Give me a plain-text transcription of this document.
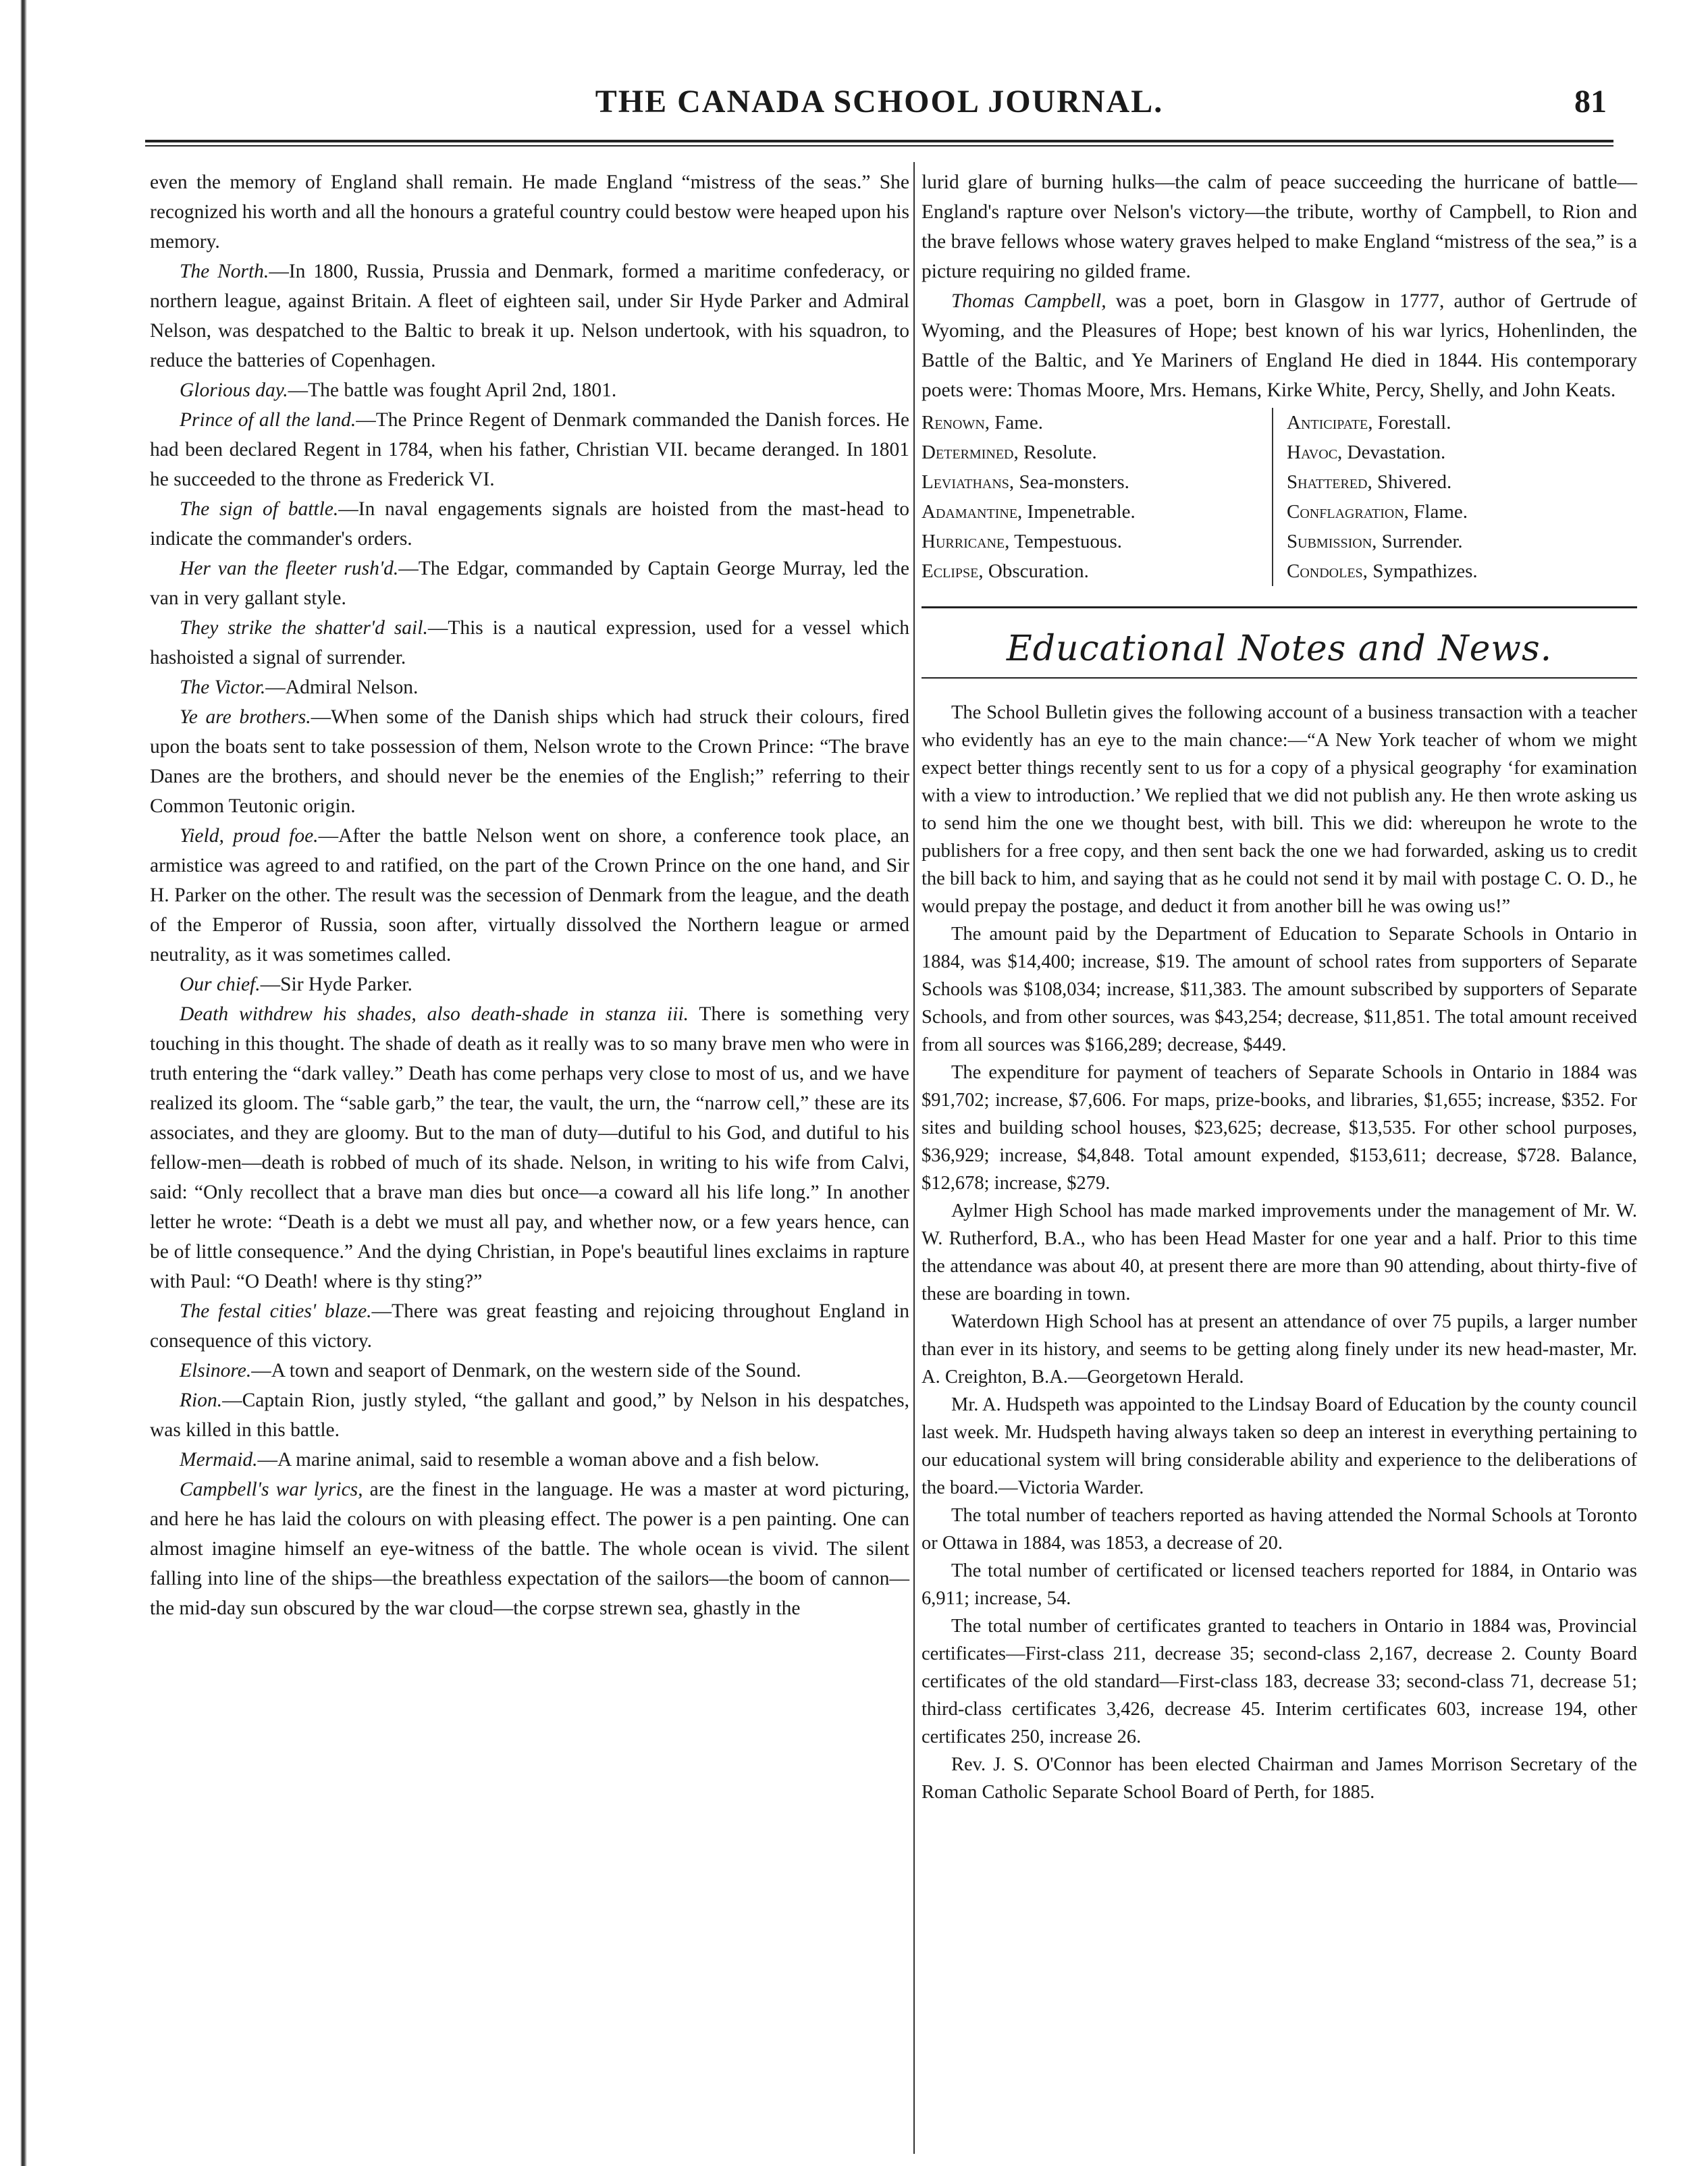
THE CANADA SCHOOL JOURNAL.	81

even the memory of England shall remain. He made England “mistress of the seas.” She recognized his worth and all the honours a grateful country could bestow were heaped upon his memory.

The North.—In 1800, Russia, Prussia and Denmark, formed a maritime confederacy, or northern league, against Britain. A fleet of eighteen sail, under Sir Hyde Parker and Admiral Nelson, was despatched to the Baltic to break it up. Nelson undertook, with his squadron, to reduce the batteries of Copenhagen.

Glorious day.—The battle was fought April 2nd, 1801.

Prince of all the land.—The Prince Regent of Denmark commanded the Danish forces. He had been declared Regent in 1784, when his father, Christian VII. became deranged. In 1801 he succeeded to the throne as Frederick VI.

The sign of battle.—In naval engagements signals are hoisted from the mast-head to indicate the commander's orders.

Her van the fleeter rush'd.—The Edgar, commanded by Captain George Murray, led the van in very gallant style.

They strike the shatter'd sail.—This is a nautical expression, used for a vessel which hashoisted a signal of surrender.

The Victor.—Admiral Nelson.

Ye are brothers.—When some of the Danish ships which had struck their colours, fired upon the boats sent to take possession of them, Nelson wrote to the Crown Prince: “The brave Danes are the brothers, and should never be the enemies of the English;” referring to their Common Teutonic origin.

Yield, proud foe.—After the battle Nelson went on shore, a conference took place, an armistice was agreed to and ratified, on the part of the Crown Prince on the one hand, and Sir H. Parker on the other. The result was the secession of Denmark from the league, and the death of the Emperor of Russia, soon after, virtually dissolved the Northern league or armed neutrality, as it was sometimes called.

Our chief.—Sir Hyde Parker.

Death withdrew his shades, also death-shade in stanza iii. There is something very touching in this thought. The shade of death as it really was to so many brave men who were in truth entering the “dark valley.” Death has come perhaps very close to most of us, and we have realized its gloom. The “sable garb,” the tear, the vault, the urn, the “narrow cell,” these are its associates, and they are gloomy. But to the man of duty—dutiful to his God, and dutiful to his fellow-men—death is robbed of much of its shade. Nelson, in writing to his wife from Calvi, said: “Only recollect that a brave man dies but once—a coward all his life long.” In another letter he wrote: “Death is a debt we must all pay, and whether now, or a few years hence, can be of little consequence.” And the dying Christian, in Pope's beautiful lines exclaims in rapture with Paul: “O Death! where is thy sting?”

The festal cities' blaze.—There was great feasting and rejoicing throughout England in consequence of this victory.

Elsinore.—A town and seaport of Denmark, on the western side of the Sound.

Rion.—Captain Rion, justly styled, “the gallant and good,” by Nelson in his despatches, was killed in this battle.

Mermaid.—A marine animal, said to resemble a woman above and a fish below.

Campbell's war lyrics, are the finest in the language. He was a master at word picturing, and here he has laid the colours on with pleasing effect. The power is a pen painting. One can almost imagine himself an eye-witness of the battle. The whole ocean is vivid. The silent falling into line of the ships—the breathless expectation of the sailors—the boom of cannon—the mid-day sun obscured by the war cloud—the corpse strewn sea, ghastly in the

lurid glare of burning hulks—the calm of peace succeeding the hurricane of battle—England's rapture over Nelson's victory—the tribute, worthy of Campbell, to Rion and the brave fellows whose watery graves helped to make England “mistress of the sea,” is a picture requiring no gilded frame.

Thomas Campbell, was a poet, born in Glasgow in 1777, author of Gertrude of Wyoming, and the Pleasures of Hope; best known of his war lyrics, Hohenlinden, the Battle of the Baltic, and Ye Mariners of England He died in 1844. His contemporary poets were: Thomas Moore, Mrs. Hemans, Kirke White, Percy, Shelly, and John Keats.

Renown, Fame.
Determined, Resolute.
Leviathans, Sea-monsters.
Adamantine, Impenetrable.
Hurricane, Tempestuous.
Eclipse, Obscuration.
Anticipate, Forestall.
Havoc, Devastation.
Shattered, Shivered.
Conflagration, Flame.
Submission, Surrender.
Condoles, Sympathizes.
Educational Notes and News.

The School Bulletin gives the following account of a business transaction with a teacher who evidently has an eye to the main chance:—“A New York teacher of whom we might expect better things recently sent to us for a copy of a physical geography ‘for examination with a view to introduction.’ We replied that we did not publish any. He then wrote asking us to send him the one we thought best, with bill. This we did: whereupon he wrote to the publishers for a free copy, and then sent back the one we had forwarded, asking us to credit the bill back to him, and saying that as he could not send it by mail with postage C. O. D., he would prepay the postage, and deduct it from another bill he was owing us!”

The amount paid by the Department of Education to Separate Schools in Ontario in 1884, was $14,400; increase, $19. The amount of school rates from supporters of Separate Schools was $108,034; increase, $11,383. The amount subscribed by supporters of Separate Schools, and from other sources, was $43,254; decrease, $11,851. The total amount received from all sources was $166,289; decrease, $449.

The expenditure for payment of teachers of Separate Schools in Ontario in 1884 was $91,702; increase, $7,606. For maps, prize-books, and libraries, $1,655; increase, $352. For sites and building school houses, $23,625; decrease, $13,535. For other school purposes, $36,929; increase, $4,848. Total amount expended, $153,611; decrease, $728. Balance, $12,678; increase, $279.

Aylmer High School has made marked improvements under the management of Mr. W. W. Rutherford, B.A., who has been Head Master for one year and a half. Prior to this time the attendance was about 40, at present there are more than 90 attending, about thirty-five of these are boarding in town.

Waterdown High School has at present an attendance of over 75 pupils, a larger number than ever in its history, and seems to be getting along finely under its new head-master, Mr. A. Creighton, B.A.—Georgetown Herald.

Mr. A. Hudspeth was appointed to the Lindsay Board of Education by the county council last week. Mr. Hudspeth having always taken so deep an interest in everything pertaining to our educational system will bring considerable ability and experience to the deliberations of the board.—Victoria Warder.

The total number of teachers reported as having attended the Normal Schools at Toronto or Ottawa in 1884, was 1853, a decrease of 20.

The total number of certificated or licensed teachers reported for 1884, in Ontario was 6,911; increase, 54.

The total number of certificates granted to teachers in Ontario in 1884 was, Provincial certificates—First-class 211, decrease 35; second-class 2,167, decrease 2. County Board certificates of the old standard—First-class 183, decrease 33; second-class 71, decrease 51; third-class certificates 3,426, decrease 45. Interim certificates 603, increase 194, other certificates 250, increase 26.

Rev. J. S. O'Connor has been elected Chairman and James Morrison Secretary of the Roman Catholic Separate School Board of Perth, for 1885.
